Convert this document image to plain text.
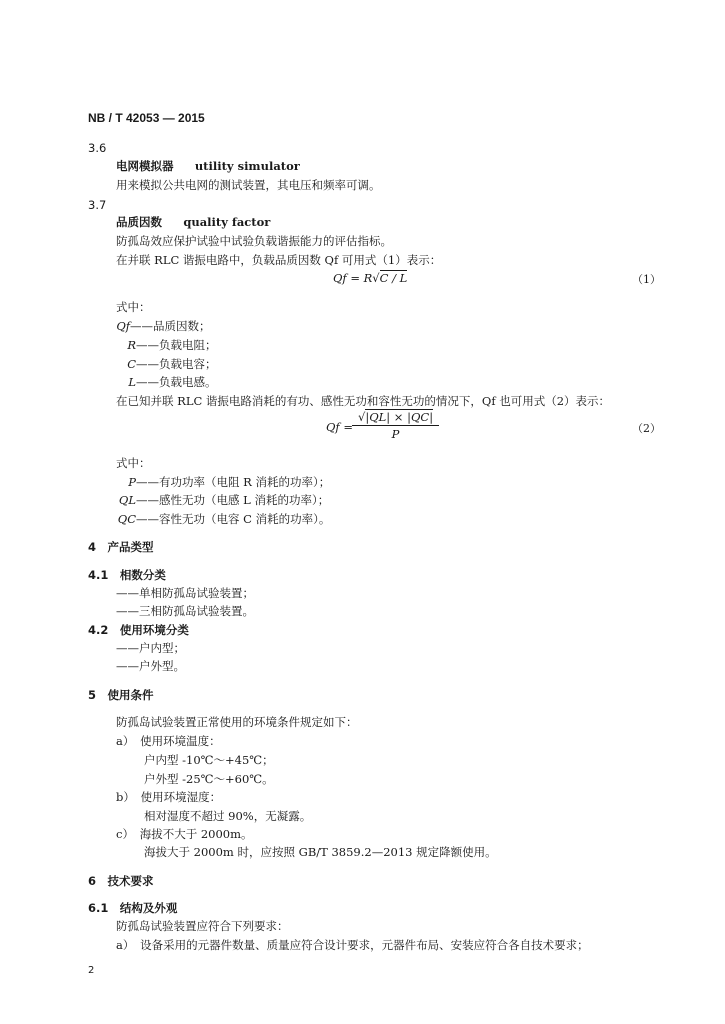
NB / T 42053 — 2015
3.6
电网模拟器 utility simulator
用来模拟公共电网的测试装置，其电压和频率可调。
3.7
品质因数 quality factor
防孤岛效应保护试验中试验负载谐振能力的评估指标。
在并联 RLC 谐振电路中，负载品质因数 Qf 可用式（1）表示：
Qf = R√C / L	（1）
式中：
Qf——品质因数；
R——负载电阻；
C——负载电容；
L——负载电感。
在已知并联 RLC 谐振电路消耗的有功、感性无功和容性无功的情况下，Qf 也可用式（2）表示：
$Qf = \frac{√|QL| \times |QC|}{P}$	（2）
式中：
P——有功功率（电阻 R 消耗的功率）；
QL——感性无功（电感 L 消耗的功率）；
QC——容性无功（电容 C 消耗的功率）。
4　产品类型
4.1　相数分类
——单相防孤岛试验装置；
——三相防孤岛试验装置。
4.2　使用环境分类
——户内型；
——户外型。
5　使用条件
防孤岛试验装置正常使用的环境条件规定如下：
a）　使用环境温度：
户内型 -10℃～+45℃；
户外型 -25℃～+60℃。
b）　使用环境湿度：
相对湿度不超过 90%，无凝露。
c）　海拔不大于 2000m。
海拔大于 2000m 时，应按照 GB/T 3859.2—2013 规定降额使用。
6　技术要求
6.1　结构及外观
防孤岛试验装置应符合下列要求：
a）　设备采用的元器件数量、质量应符合设计要求，元器件布局、安装应符合各自技术要求；
2
